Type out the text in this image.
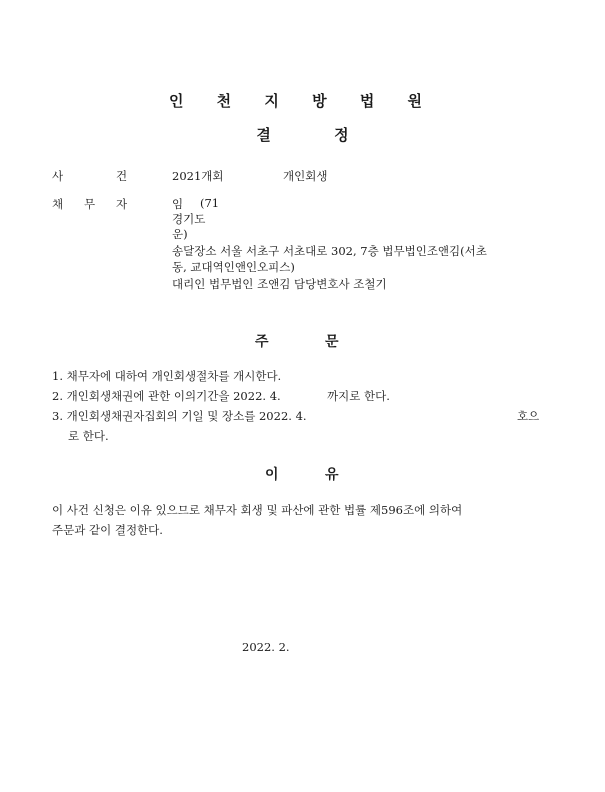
인 천 지 방 법 원
결 정
사	건	2021개회	개인회생
채 무 자	임 (71
경기도
운)
송달장소 서울 서초구 서초대로 302, 7층 법무법인조앤김(서초
동, 교대역인앤인오피스)
대리인 법무법인 조앤김 담당변호사 조철기
주	문
1. 채무자에 대하여 개인회생절차를 개시한다.
2. 개인회생채권에 관한 이의기간을 2022. 4.	까지로 한다.
3. 개인회생채권자집회의 기일 및 장소를 2022. 4.	호으
로 한다.
이	유
이 사건 신청은 이유 있으므로 채무자 회생 및 파산에 관한 법률 제596조에 의하여
주문과 같이 결정한다.
2022. 2.
